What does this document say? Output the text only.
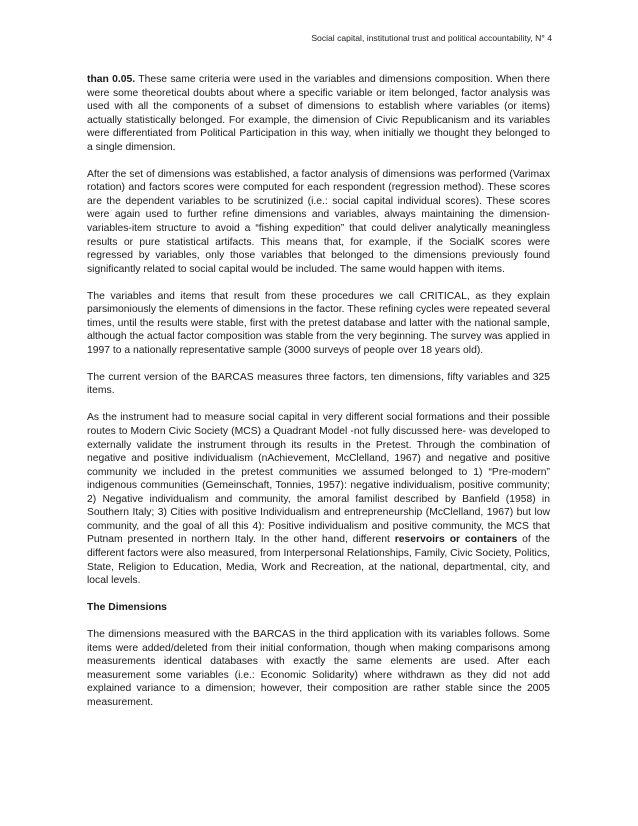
Social capital, institutional trust and political accountability, N° 4

than 0.05. These same criteria were used in the variables and dimensions composition. When there were some theoretical doubts about where a specific variable or item belonged, factor analysis was used with all the components of a subset of dimensions to establish where variables (or items) actually statistically belonged. For example, the dimension of Civic Republicanism and its variables were differentiated from Political Participation in this way, when initially we thought they belonged to a single dimension.

After the set of dimensions was established, a factor analysis of dimensions was performed (Varimax rotation) and factors scores were computed for each respondent (regression method). These scores are the dependent variables to be scrutinized (i.e.: social capital individual scores). These scores were again used to further refine dimensions and variables, always maintaining the dimension-variables-item structure to avoid a “fishing expedition” that could deliver analytically meaningless results or pure statistical artifacts. This means that, for example, if the SocialK scores were regressed by variables, only those variables that belonged to the dimensions previously found significantly related to social capital would be included. The same would happen with items.

The variables and items that result from these procedures we call CRITICAL, as they explain parsimoniously the elements of dimensions in the factor. These refining cycles were repeated several times, until the results were stable, first with the pretest database and latter with the national sample, although the actual factor composition was stable from the very beginning. The survey was applied in 1997 to a nationally representative sample (3000 surveys of people over 18 years old).

The current version of the BARCAS measures three factors, ten dimensions, fifty variables and 325 items.

As the instrument had to measure social capital in very different social formations and their possible routes to Modern Civic Society (MCS) a Quadrant Model -not fully discussed here- was developed to externally validate the instrument through its results in the Pretest. Through the combination of negative and positive individualism (nAchievement, McClelland, 1967) and negative and positive community we included in the pretest communities we assumed belonged to 1) “Pre-modern” indigenous communities (Gemeinschaft, Tonnies, 1957): negative individualism, positive community; 2) Negative individualism and community, the amoral familist described by Banfield (1958) in Southern Italy; 3) Cities with positive Individualism and entrepreneurship (McClelland, 1967) but low community, and the goal of all this 4): Positive individualism and positive community, the MCS that Putnam presented in northern Italy. In the other hand, different reservoirs or containers of the different factors were also measured, from Interpersonal Relationships, Family, Civic Society, Politics, State, Religion to Education, Media, Work and Recreation, at the national, departmental, city, and local levels.

The Dimensions

The dimensions measured with the BARCAS in the third application with its variables follows. Some items were added/deleted from their initial conformation, though when making comparisons among measurements identical databases with exactly the same elements are used. After each measurement some variables (i.e.: Economic Solidarity) where withdrawn as they did not add explained variance to a dimension; however, their composition are rather stable since the 2005 measurement.
